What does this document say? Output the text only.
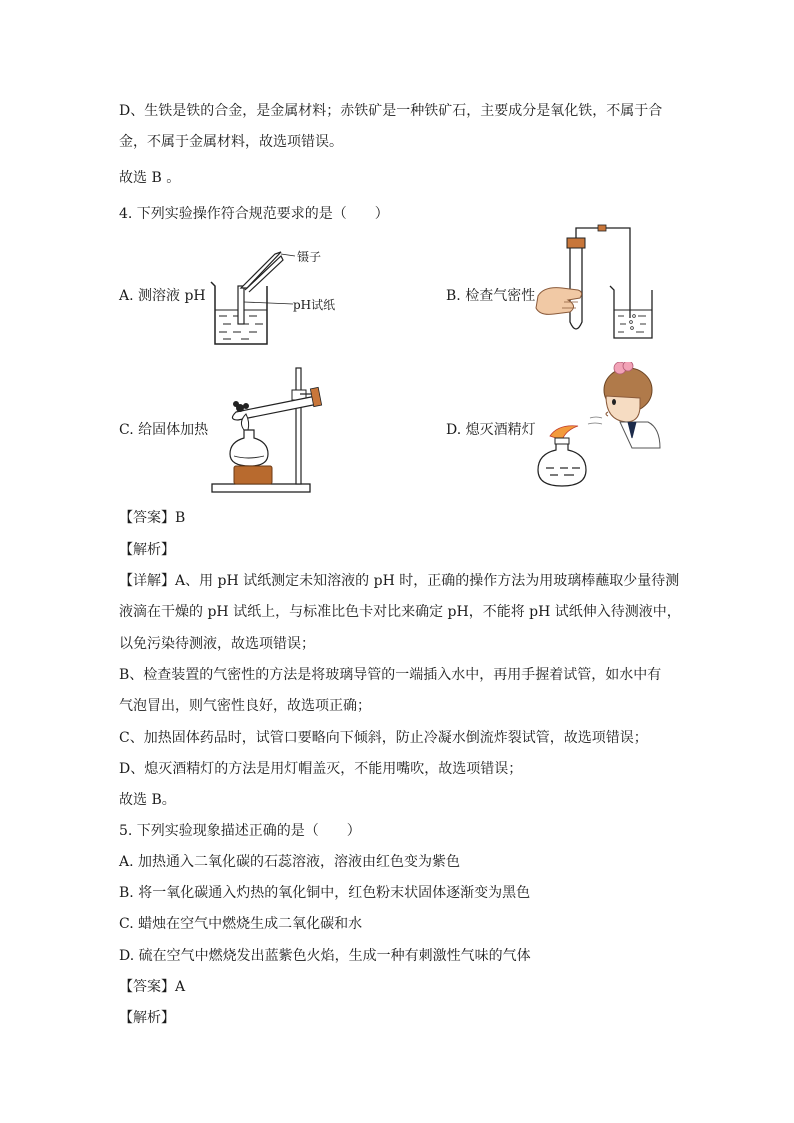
D、生铁是铁的合金，是金属材料；赤铁矿是一种铁矿石，主要成分是氧化铁，不属于合
金，不属于金属材料，故选项错误。
故选 B 。
4. 下列实验操作符合规范要求的是（　　）
A. 测溶液 pH
镊子
pH试纸
B. 检查气密性
C. 给固体加热	D. 熄灭酒精灯
【答案】B
【解析】
【详解】A、用 pH 试纸测定未知溶液的 pH 时，正确的操作方法为用玻璃棒蘸取少量待测
液滴在干燥的 pH 试纸上，与标准比色卡对比来确定 pH，不能将 pH 试纸伸入待测液中，
以免污染待测液，故选项错误；
B、检查装置的气密性的方法是将玻璃导管的一端插入水中，再用手握着试管，如水中有
气泡冒出，则气密性良好，故选项正确；
C、加热固体药品时，试管口要略向下倾斜，防止冷凝水倒流炸裂试管，故选项错误；
D、熄灭酒精灯的方法是用灯帽盖灭，不能用嘴吹，故选项错误；
故选 B。
5. 下列实验现象描述正确的是（　　）
A. 加热通入二氧化碳的石蕊溶液，溶液由红色变为紫色
B. 将一氧化碳通入灼热的氧化铜中，红色粉末状固体逐渐变为黑色
C. 蜡烛在空气中燃烧生成二氧化碳和水
D. 硫在空气中燃烧发出蓝紫色火焰，生成一种有刺激性气味的气体
【答案】A
【解析】
